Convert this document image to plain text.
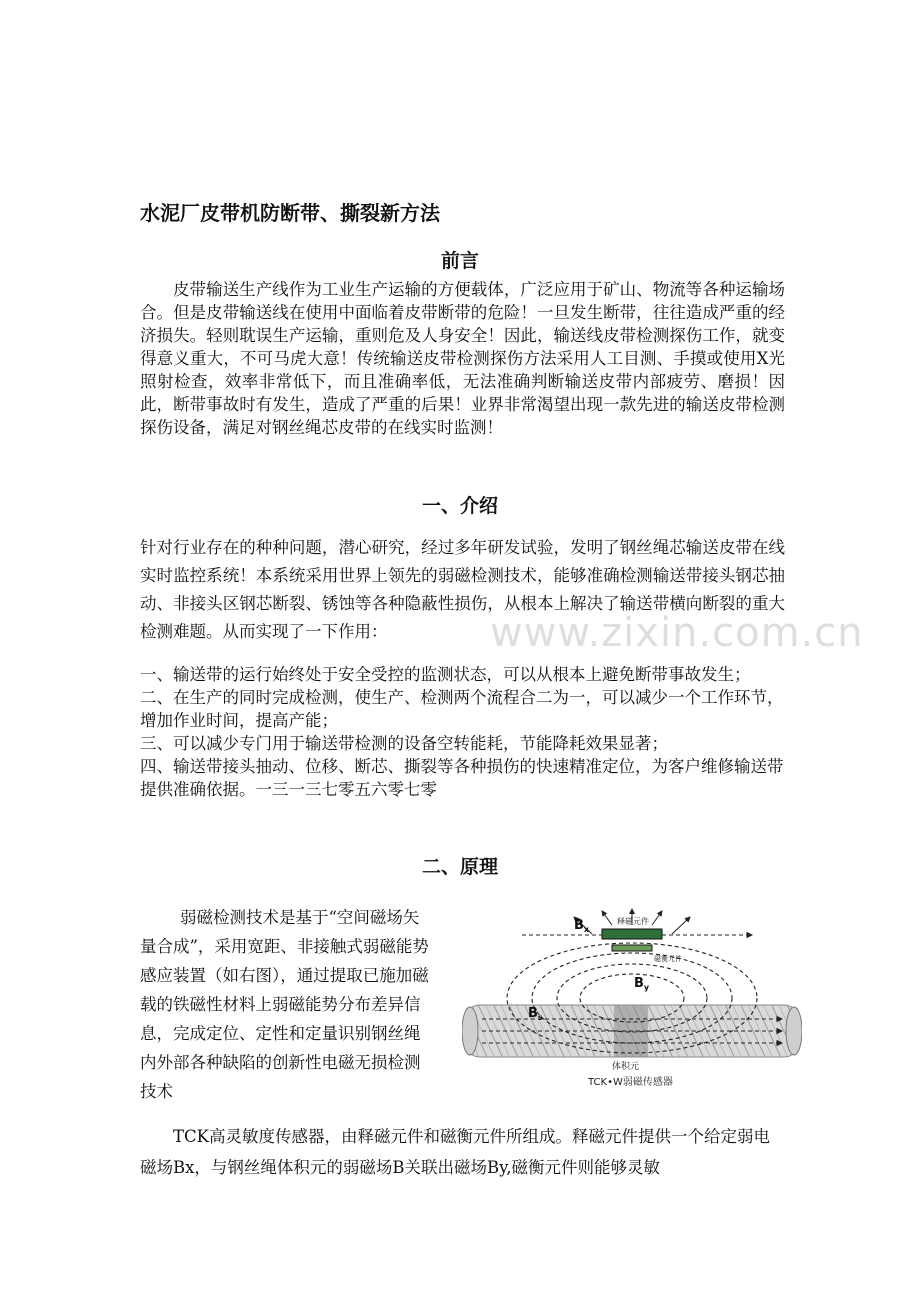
www.zixin.com.cn
水泥厂皮带机防断带、撕裂新方法
前言

皮带输送生产线作为工业生产运输的方便载体，广泛应用于矿山、物流等各种运输场合。但是皮带输送线在使用中面临着皮带断带的危险！一旦发生断带，往往造成严重的经济损失。轻则耽误生产运输，重则危及人身安全！因此，输送线皮带检测探伤工作，就变得意义重大，不可马虎大意！传统输送皮带检测探伤方法采用人工目测、手摸或使用X光照射检查，效率非常低下，而且准确率低，无法准确判断输送皮带内部疲劳、磨损！因此，断带事故时有发生，造成了严重的后果！业界非常渴望出现一款先进的输送皮带检测探伤设备，满足对钢丝绳芯皮带的在线实时监测！

一、介绍

针对行业存在的种种问题，潜心研究，经过多年研发试验，发明了钢丝绳芯输送皮带在线实时监控系统！本系统采用世界上领先的弱磁检测技术，能够准确检测输送带接头钢芯抽动、非接头区钢芯断裂、锈蚀等各种隐蔽性损伤，从根本上解决了输送带横向断裂的重大检测难题。从而实现了一下作用：

一、输送带的运行始终处于安全受控的监测状态，可以从根本上避免断带事故发生；
二、在生产的同时完成检测，使生产、检测两个流程合二为一，可以减少一个工作环节，增加作业时间，提高产能；
三、可以减少专门用于输送带检测的设备空转能耗，节能降耗效果显著；
四、输送带接头抽动、位移、断芯、撕裂等各种损伤的快速精准定位，为客户维修输送带提供准确依据。一三一三七零五六零七零
二、原理

弱磁检测技术是基于“空间磁场矢量合成”，采用宽距、非接触式弱磁能势感应装置（如右图），通过提取已施加磁载的铁磁性材料上弱磁能势分布差异信息，完成定位、定性和定量识别钢丝绳内外部各种缺陷的创新性电磁无损检测技术

释磁元件
磁衡元件
$B_x$
$B_y$
$B_s$
体积元
TCK•W弱磁传感器

TCK高灵敏度传感器，由释磁元件和磁衡元件所组成。释磁元件提供一个给定弱电磁场Bx，与钢丝绳体积元的弱磁场B关联出磁场By,磁衡元件则能够灵敏
